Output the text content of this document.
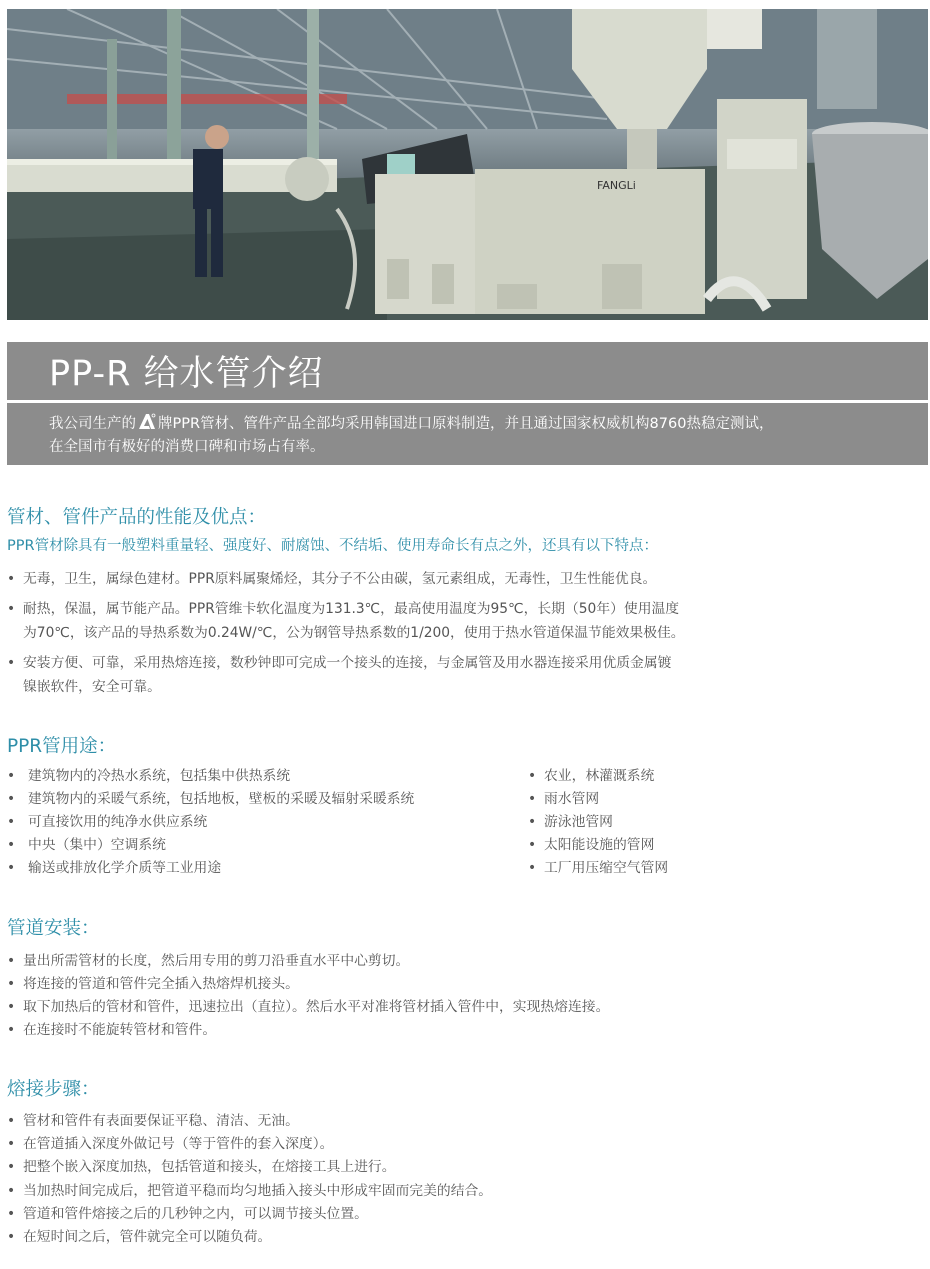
FANGLi
PP-R 给水管介绍
我公司生产的 牌PPR管材、管件产品全部均采用韩国进口原料制造，并且通过国家权威机构8760热稳定测试，
在全国市有极好的消费口碑和市场占有率。
管材、管件产品的性能及优点：
PPR管材除具有一般塑料重量轻、强度好、耐腐蚀、不结垢、使用寿命长有点之外，还具有以下特点：
• 无毒，卫生，属绿色建材。PPR原料属聚烯烃，其分子不公由碳，氢元素组成，无毒性，卫生性能优良。
• 耐热，保温，属节能产品。PPR管维卡软化温度为131.3℃，最高使用温度为95℃，长期（50年）使用温度
为70℃，该产品的导热系数为0.24W/℃，公为钢管导热系数的1/200，使用于热水管道保温节能效果极佳。
• 安装方便、可靠，采用热熔连接，数秒钟即可完成一个接头的连接，与金属管及用水器连接采用优质金属镀
镍嵌软件，安全可靠。
PPR管用途：
• 建筑物内的冷热水系统，包括集中供热系统
• 建筑物内的采暖气系统，包括地板，壁板的采暖及辐射采暖系统
• 可直接饮用的纯净水供应系统
• 中央（集中）空调系统
• 输送或排放化学介质等工业用途
• 农业，林灌溉系统
• 雨水管网
• 游泳池管网
• 太阳能设施的管网
• 工厂用压缩空气管网
管道安装：
• 量出所需管材的长度，然后用专用的剪刀沿垂直水平中心剪切。
• 将连接的管道和管件完全插入热熔焊机接头。
• 取下加热后的管材和管件，迅速拉出（直拉）。然后水平对准将管材插入管件中，实现热熔连接。
• 在连接时不能旋转管材和管件。
熔接步骤：
• 管材和管件有表面要保证平稳、清洁、无油。
• 在管道插入深度外做记号（等于管件的套入深度）。
• 把整个嵌入深度加热，包括管道和接头，在熔接工具上进行。
• 当加热时间完成后，把管道平稳而均匀地插入接头中形成牢固而完美的结合。
• 管道和管件熔接之后的几秒钟之内，可以调节接头位置。
• 在短时间之后，管件就完全可以随负荷。
